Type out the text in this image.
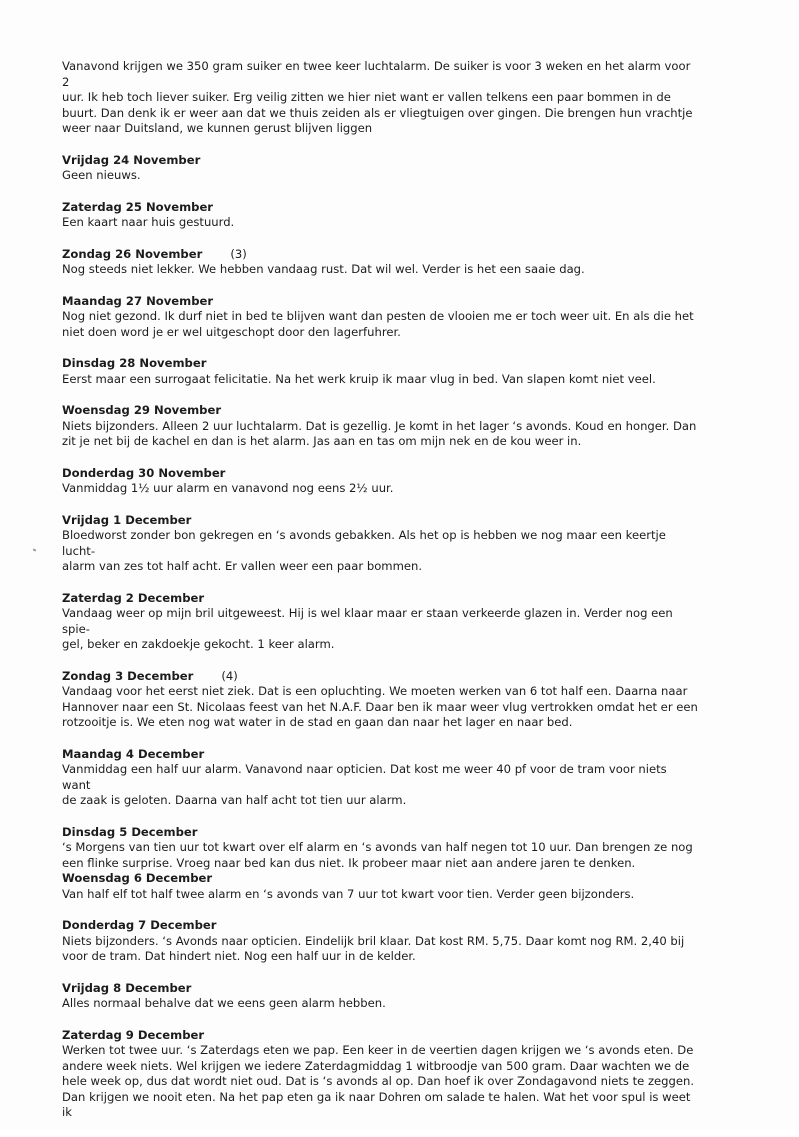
Vanavond krijgen we 350 gram suiker en twee keer luchtalarm. De suiker is voor 3 weken en het alarm voor 2
uur. Ik heb toch liever suiker. Erg veilig zitten we hier niet want er vallen telkens een paar bommen in de
buurt. Dan denk ik er weer aan dat we thuis zeiden als er vliegtuigen over gingen. Die brengen hun vrachtje
weer naar Duitsland, we kunnen gerust blijven liggen
Vrijdag 24 November
Geen nieuws.
Zaterdag 25 November
Een kaart naar huis gestuurd.
Zondag 26 November (3)
Nog steeds niet lekker. We hebben vandaag rust. Dat wil wel. Verder is het een saaie dag.
Maandag 27 November
Nog niet gezond. Ik durf niet in bed te blijven want dan pesten de vlooien me er toch weer uit. En als die het
niet doen word je er wel uitgeschopt door den lagerfuhrer.
Dinsdag 28 November
Eerst maar een surrogaat felicitatie. Na het werk kruip ik maar vlug in bed. Van slapen komt niet veel.
Woensdag 29 November
Niets bijzonders. Alleen 2 uur luchtalarm. Dat is gezellig. Je komt in het lager ‘s avonds. Koud en honger. Dan
zit je net bij de kachel en dan is het alarm. Jas aan en tas om mijn nek en de kou weer in.
Donderdag 30 November
Vanmiddag 1½ uur alarm en vanavond nog eens 2½ uur.
Vrijdag 1 December
Bloedworst zonder bon gekregen en ‘s avonds gebakken. Als het op is hebben we nog maar een keertje lucht-
alarm van zes tot half acht. Er vallen weer een paar bommen.
Zaterdag 2 December
Vandaag weer op mijn bril uitgeweest. Hij is wel klaar maar er staan verkeerde glazen in. Verder nog een spie-
gel, beker en zakdoekje gekocht. 1 keer alarm.
Zondag 3 December (4)
Vandaag voor het eerst niet ziek. Dat is een opluchting. We moeten werken van 6 tot half een. Daarna naar
Hannover naar een St. Nicolaas feest van het N.A.F. Daar ben ik maar weer vlug vertrokken omdat het er een
rotzooitje is. We eten nog wat water in de stad en gaan dan naar het lager en naar bed.
Maandag 4 December
Vanmiddag een half uur alarm. Vanavond naar opticien. Dat kost me weer 40 pf voor de tram voor niets want
de zaak is geloten. Daarna van half acht tot tien uur alarm.
Dinsdag 5 December
‘s Morgens van tien uur tot kwart over elf alarm en ‘s avonds van half negen tot 10 uur. Dan brengen ze nog
een flinke surprise. Vroeg naar bed kan dus niet. Ik probeer maar niet aan andere jaren te denken.
Woensdag 6 December
Van half elf tot half twee alarm en ‘s avonds van 7 uur tot kwart voor tien. Verder geen bijzonders.
Donderdag 7 December
Niets bijzonders. ‘s Avonds naar opticien. Eindelijk bril klaar. Dat kost RM. 5,75. Daar komt nog RM. 2,40 bij
voor de tram. Dat hindert niet. Nog een half uur in de kelder.
Vrijdag 8 December
Alles normaal behalve dat we eens geen alarm hebben.
Zaterdag 9 December
Werken tot twee uur. ‘s Zaterdags eten we pap. Een keer in de veertien dagen krijgen we ‘s avonds eten. De
andere week niets. Wel krijgen we iedere Zaterdagmiddag 1 witbroodje van 500 gram. Daar wachten we de
hele week op, dus dat wordt niet oud. Dat is ‘s avonds al op. Dan hoef ik over Zondagavond niets te zeggen.
Dan krijgen we nooit eten. Na het pap eten ga ik naar Dohren om salade te halen. Wat het voor spul is weet ik
